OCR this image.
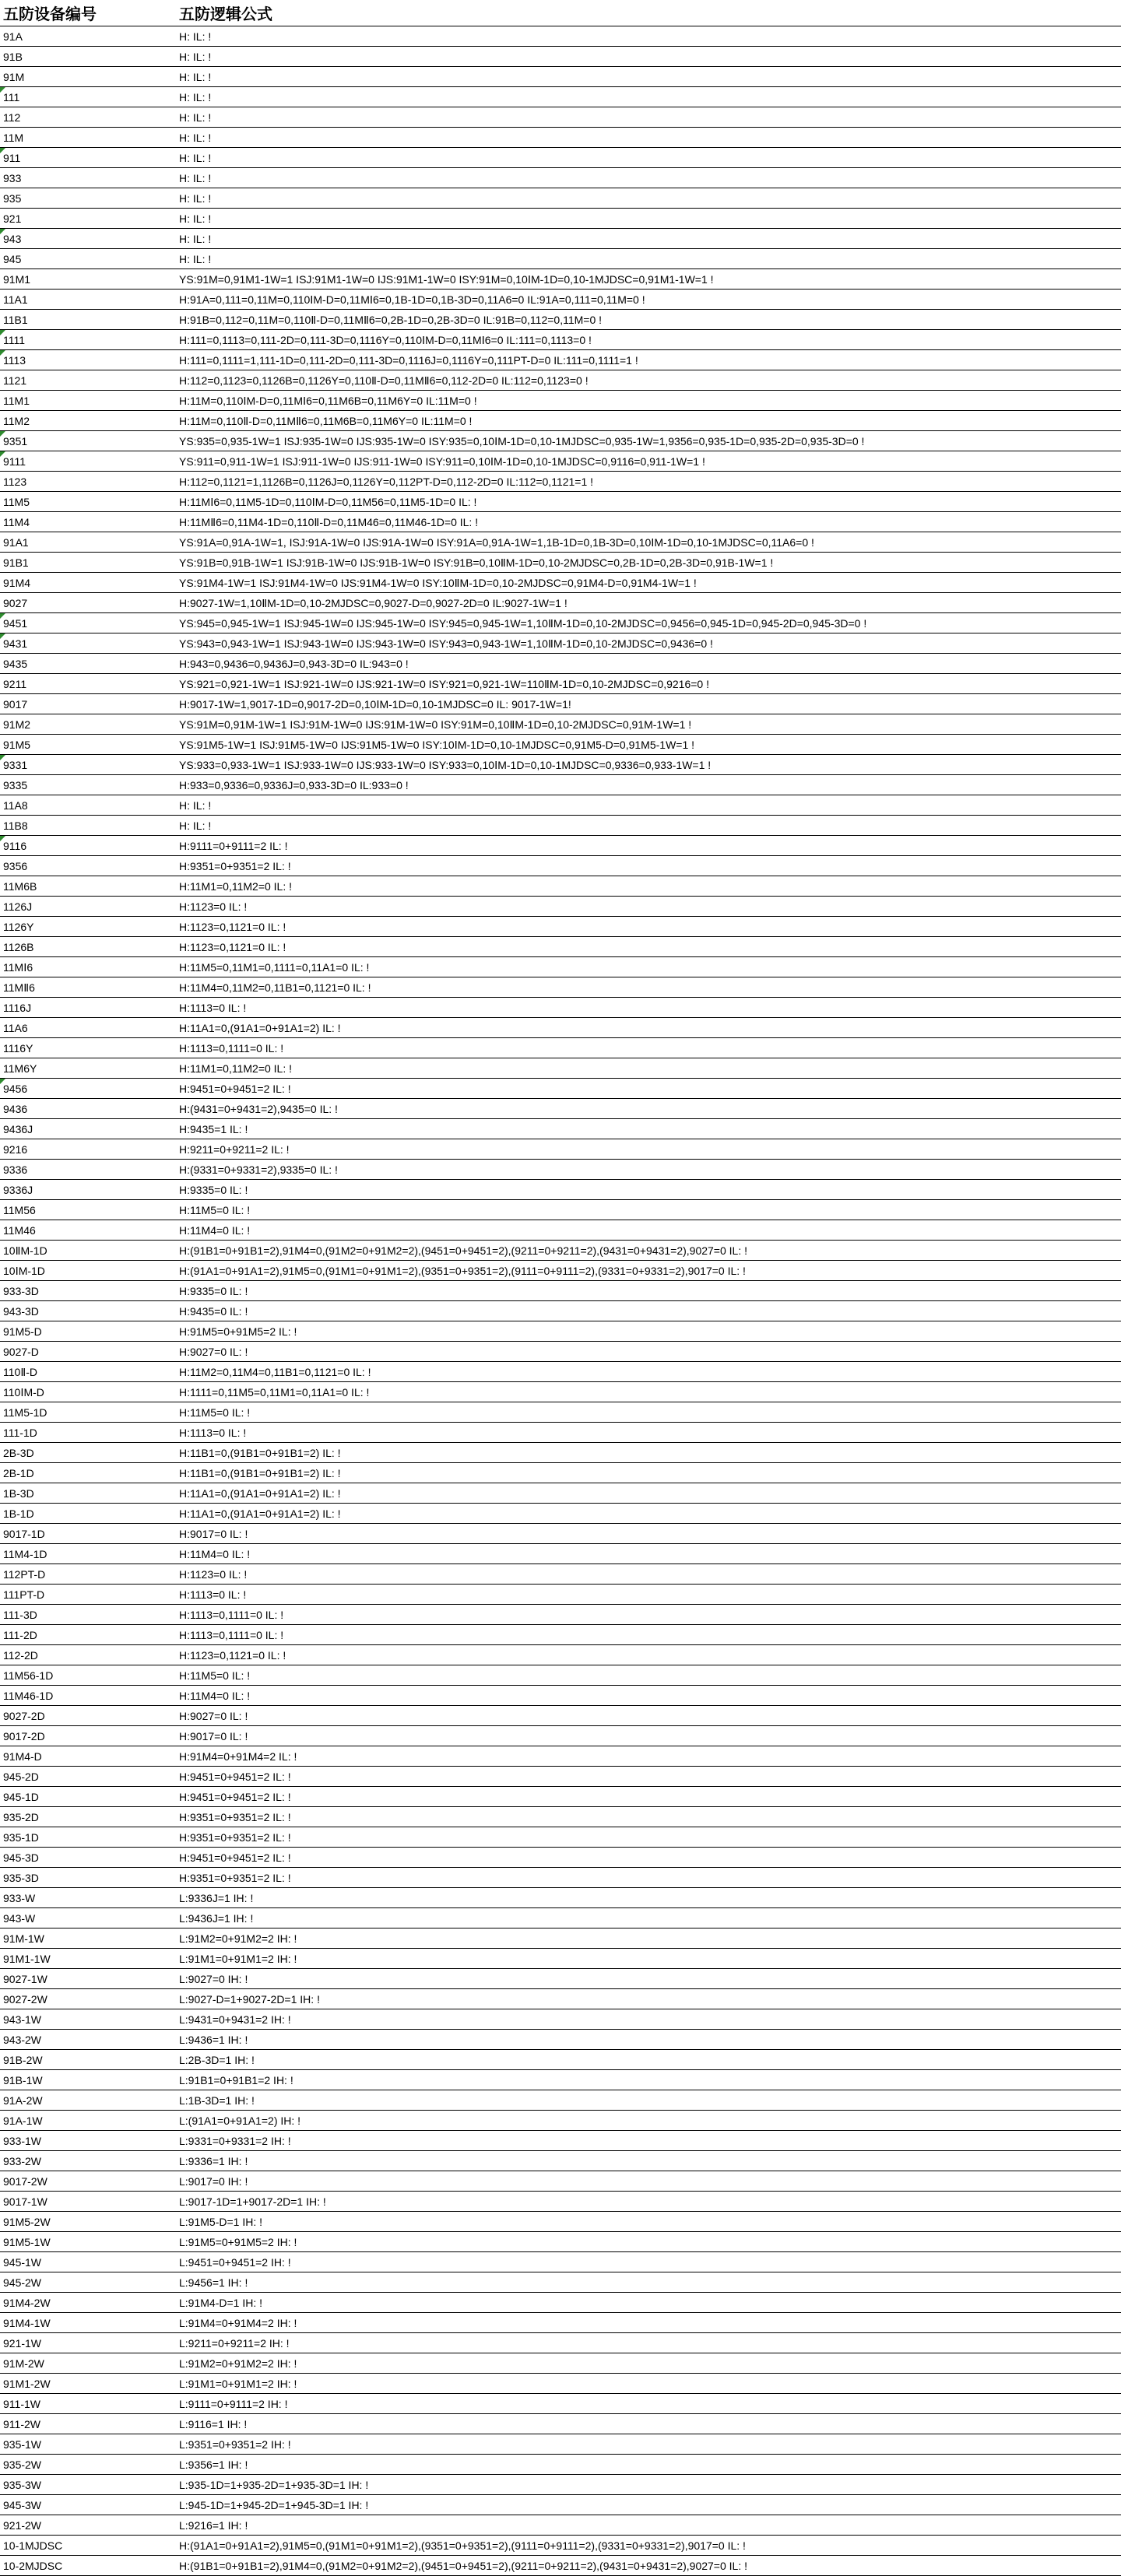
五防设备编号	五防逻辑公式
91A	H: IL: !
91B	H: IL: !
91M	H: IL: !

111	H: IL: !
112	H: IL: !
11M	H: IL: !

911	H: IL: !
933	H: IL: !
935	H: IL: !
921	H: IL: !

943	H: IL: !
945	H: IL: !
91M1	YS:91M=0,91M1-1W=1 ISJ:91M1-1W=0 IJS:91M1-1W=0 ISY:91M=0,10ⅠM-1D=0,10-1MJDSC=0,91M1-1W=1 !
11A1	H:91A=0,111=0,11M=0,110ⅠM-D=0,11MⅠ6=0,1B-1D=0,1B-3D=0,11A6=0 IL:91A=0,111=0,11M=0 !
11B1	H:91B=0,112=0,11M=0,110Ⅱ-D=0,11MⅡ6=0,2B-1D=0,2B-3D=0 IL:91B=0,112=0,11M=0 !

1111	H:111=0,1113=0,111-2D=0,111-3D=0,1116Y=0,110ⅠM-D=0,11MⅠ6=0 IL:111=0,1113=0 !

1113	H:111=0,1111=1,111-1D=0,111-2D=0,111-3D=0,1116J=0,1116Y=0,111PT-D=0 IL:111=0,1111=1 !
1121	H:112=0,1123=0,1126B=0,1126Y=0,110Ⅱ-D=0,11MⅡ6=0,112-2D=0 IL:112=0,1123=0 !
11M1	H:11M=0,110ⅠM-D=0,11MⅠ6=0,11M6B=0,11M6Y=0 IL:11M=0 !
11M2	H:11M=0,110Ⅱ-D=0,11MⅡ6=0,11M6B=0,11M6Y=0 IL:11M=0 !

9351	YS:935=0,935-1W=1 ISJ:935-1W=0 IJS:935-1W=0 ISY:935=0,10ⅠM-1D=0,10-1MJDSC=0,935-1W=1,9356=0,935-1D=0,935-2D=0,935-3D=0 !

9111	YS:911=0,911-1W=1 ISJ:911-1W=0 IJS:911-1W=0 ISY:911=0,10ⅠM-1D=0,10-1MJDSC=0,9116=0,911-1W=1 !
1123	H:112=0,1121=1,1126B=0,1126J=0,1126Y=0,112PT-D=0,112-2D=0 IL:112=0,1121=1 !
11M5	H:11MⅠ6=0,11M5-1D=0,110ⅠM-D=0,11M56=0,11M5-1D=0 IL: !
11M4	H:11MⅡ6=0,11M4-1D=0,110Ⅱ-D=0,11M46=0,11M46-1D=0 IL: !
91A1	YS:91A=0,91A-1W=1, ISJ:91A-1W=0 IJS:91A-1W=0 ISY:91A=0,91A-1W=1,1B-1D=0,1B-3D=0,10ⅠM-1D=0,10-1MJDSC=0,11A6=0 !
91B1	YS:91B=0,91B-1W=1 ISJ:91B-1W=0 IJS:91B-1W=0 ISY:91B=0,10ⅡM-1D=0,10-2MJDSC=0,2B-1D=0,2B-3D=0,91B-1W=1 !
91M4	YS:91M4-1W=1 ISJ:91M4-1W=0 IJS:91M4-1W=0 ISY:10ⅡM-1D=0,10-2MJDSC=0,91M4-D=0,91M4-1W=1 !
9027	H:9027-1W=1,10ⅡM-1D=0,10-2MJDSC=0,9027-D=0,9027-2D=0 IL:9027-1W=1 !

9451	YS:945=0,945-1W=1 ISJ:945-1W=0 IJS:945-1W=0 ISY:945=0,945-1W=1,10ⅡM-1D=0,10-2MJDSC=0,9456=0,945-1D=0,945-2D=0,945-3D=0 !

9431	YS:943=0,943-1W=1 ISJ:943-1W=0 IJS:943-1W=0 ISY:943=0,943-1W=1,10ⅡM-1D=0,10-2MJDSC=0,9436=0 !
9435	H:943=0,9436=0,9436J=0,943-3D=0 IL:943=0 !
9211	YS:921=0,921-1W=1 ISJ:921-1W=0 IJS:921-1W=0 ISY:921=0,921-1W=110ⅡM-1D=0,10-2MJDSC=0,9216=0 !
9017	H:9017-1W=1,9017-1D=0,9017-2D=0,10ⅠM-1D=0,10-1MJDSC=0 IL: 9017-1W=1!
91M2	YS:91M=0,91M-1W=1 ISJ:91M-1W=0 IJS:91M-1W=0 ISY:91M=0,10ⅡM-1D=0,10-2MJDSC=0,91M-1W=1 !
91M5	YS:91M5-1W=1 ISJ:91M5-1W=0 IJS:91M5-1W=0 ISY:10ⅠM-1D=0,10-1MJDSC=0,91M5-D=0,91M5-1W=1 !

9331	YS:933=0,933-1W=1 ISJ:933-1W=0 IJS:933-1W=0 ISY:933=0,10ⅠM-1D=0,10-1MJDSC=0,9336=0,933-1W=1 !
9335	H:933=0,9336=0,9336J=0,933-3D=0 IL:933=0 !
11A8	H: IL: !
11B8	H: IL: !

9116	H:9111=0+9111=2 IL: !
9356	H:9351=0+9351=2 IL: !
11M6B	H:11M1=0,11M2=0 IL: !
1126J	H:1123=0 IL: !
1126Y	H:1123=0,1121=0 IL: !
1126B	H:1123=0,1121=0 IL: !
11MⅠ6	H:11M5=0,11M1=0,1111=0,11A1=0 IL: !
11MⅡ6	H:11M4=0,11M2=0,11B1=0,1121=0 IL: !
1116J	H:1113=0 IL: !
11A6	H:11A1=0,(91A1=0+91A1=2) IL: !
1116Y	H:1113=0,1111=0 IL: !
11M6Y	H:11M1=0,11M2=0 IL: !

9456	H:9451=0+9451=2 IL: !
9436	H:(9431=0+9431=2),9435=0 IL: !
9436J	H:9435=1 IL: !
9216	H:9211=0+9211=2 IL: !
9336	H:(9331=0+9331=2),9335=0 IL: !
9336J	H:9335=0 IL: !
11M56	H:11M5=0 IL: !
11M46	H:11M4=0 IL: !
10ⅡM-1D	H:(91B1=0+91B1=2),91M4=0,(91M2=0+91M2=2),(9451=0+9451=2),(9211=0+9211=2),(9431=0+9431=2),9027=0 IL: !
10ⅠM-1D	H:(91A1=0+91A1=2),91M5=0,(91M1=0+91M1=2),(9351=0+9351=2),(9111=0+9111=2),(9331=0+9331=2),9017=0 IL: !
933-3D	H:9335=0 IL: !
943-3D	H:9435=0 IL: !
91M5-D	H:91M5=0+91M5=2 IL: !
9027-D	H:9027=0 IL: !
110Ⅱ-D	H:11M2=0,11M4=0,11B1=0,1121=0 IL: !
110ⅠM-D	H:1111=0,11M5=0,11M1=0,11A1=0 IL: !
11M5-1D	H:11M5=0 IL: !
111-1D	H:1113=0 IL: !
2B-3D	H:11B1=0,(91B1=0+91B1=2) IL: !
2B-1D	H:11B1=0,(91B1=0+91B1=2) IL: !
1B-3D	H:11A1=0,(91A1=0+91A1=2) IL: !
1B-1D	H:11A1=0,(91A1=0+91A1=2) IL: !
9017-1D	H:9017=0 IL: !
11M4-1D	H:11M4=0 IL: !
112PT-D	H:1123=0 IL: !
111PT-D	H:1113=0 IL: !
111-3D	H:1113=0,1111=0 IL: !
111-2D	H:1113=0,1111=0 IL: !
112-2D	H:1123=0,1121=0 IL: !
11M56-1D	H:11M5=0 IL: !
11M46-1D	H:11M4=0 IL: !
9027-2D	H:9027=0 IL: !
9017-2D	H:9017=0 IL: !
91M4-D	H:91M4=0+91M4=2 IL: !
945-2D	H:9451=0+9451=2 IL: !
945-1D	H:9451=0+9451=2 IL: !
935-2D	H:9351=0+9351=2 IL: !
935-1D	H:9351=0+9351=2 IL: !
945-3D	H:9451=0+9451=2 IL: !
935-3D	H:9351=0+9351=2 IL: !
933-W	L:9336J=1 IH: !
943-W	L:9436J=1 IH: !
91M-1W	L:91M2=0+91M2=2 IH: !
91M1-1W	L:91M1=0+91M1=2 IH: !
9027-1W	L:9027=0 IH: !
9027-2W	L:9027-D=1+9027-2D=1 IH: !
943-1W	L:9431=0+9431=2 IH: !
943-2W	L:9436=1 IH: !
91B-2W	L:2B-3D=1 IH: !
91B-1W	L:91B1=0+91B1=2 IH: !
91A-2W	L:1B-3D=1 IH: !
91A-1W	L:(91A1=0+91A1=2) IH: !
933-1W	L:9331=0+9331=2 IH: !
933-2W	L:9336=1 IH: !
9017-2W	L:9017=0 IH: !
9017-1W	L:9017-1D=1+9017-2D=1 IH: !
91M5-2W	L:91M5-D=1 IH: !
91M5-1W	L:91M5=0+91M5=2 IH: !
945-1W	L:9451=0+9451=2 IH: !
945-2W	L:9456=1 IH: !
91M4-2W	L:91M4-D=1 IH: !
91M4-1W	L:91M4=0+91M4=2 IH: !
921-1W	L:9211=0+9211=2 IH: !
91M-2W	L:91M2=0+91M2=2 IH: !
91M1-2W	L:91M1=0+91M1=2 IH: !
911-1W	L:9111=0+9111=2 IH: !
911-2W	L:9116=1 IH: !
935-1W	L:9351=0+9351=2 IH: !
935-2W	L:9356=1 IH: !
935-3W	L:935-1D=1+935-2D=1+935-3D=1 IH: !
945-3W	L:945-1D=1+945-2D=1+945-3D=1 IH: !
921-2W	L:9216=1 IH: !
10-1MJDSC	H:(91A1=0+91A1=2),91M5=0,(91M1=0+91M1=2),(9351=0+9351=2),(9111=0+9111=2),(9331=0+9331=2),9017=0 IL: !
10-2MJDSC	H:(91B1=0+91B1=2),91M4=0,(91M2=0+91M2=2),(9451=0+9451=2),(9211=0+9211=2),(9431=0+9431=2),9027=0 IL: !
